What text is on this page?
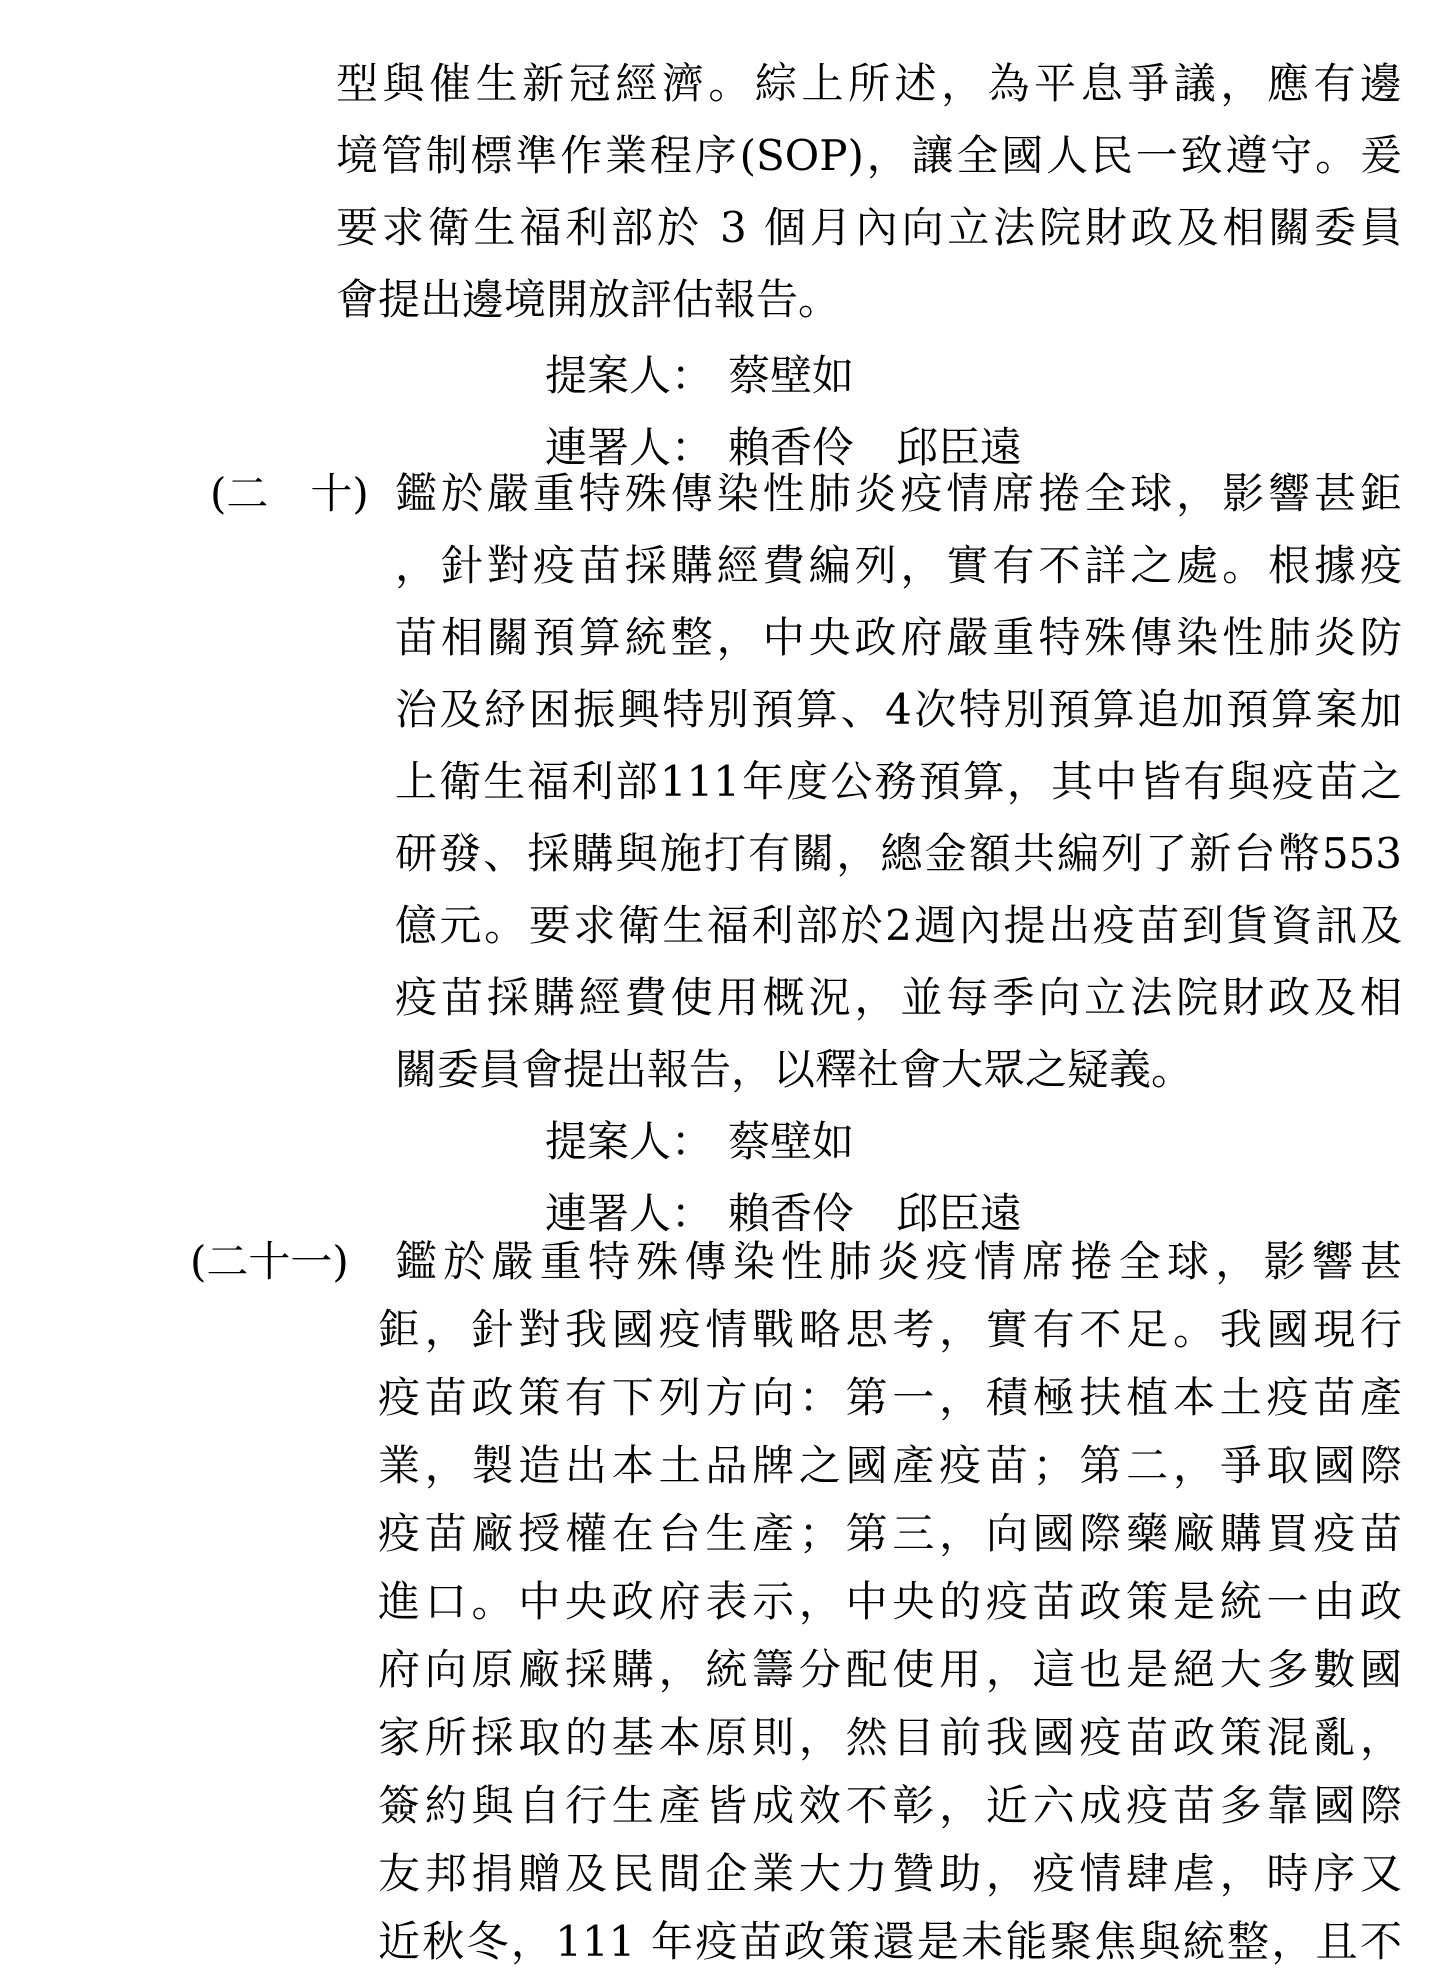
型與催生新冠經濟。綜上所述，為平息爭議，應有邊
境管制標準作業程序(SOP)，讓全國人民一致遵守。爰
要求衛生福利部於 3 個月內向立法院財政及相關委員
會提出邊境開放評估報告。
提案人： 蔡壁如
連署人： 賴香伶　邱臣遠
(二　十) 鑑於嚴重特殊傳染性肺炎疫情席捲全球，影響甚鉅
，針對疫苗採購經費編列，實有不詳之處。根據疫
苗相關預算統整，中央政府嚴重特殊傳染性肺炎防
治及紓困振興特別預算、4次特別預算追加預算案加
上衛生福利部111年度公務預算，其中皆有與疫苗之
研發、採購與施打有關，總金額共編列了新台幣553
億元。要求衛生福利部於2週內提出疫苗到貨資訊及
疫苗採購經費使用概況，並每季向立法院財政及相
關委員會提出報告，以釋社會大眾之疑義。
提案人： 蔡壁如
連署人： 賴香伶　邱臣遠
(二十一) 鑑於嚴重特殊傳染性肺炎疫情席捲全球，影響甚
鉅，針對我國疫情戰略思考，實有不足。我國現行
疫苗政策有下列方向：第一，積極扶植本土疫苗產
業，製造出本土品牌之國產疫苗；第二，爭取國際
疫苗廠授權在台生產；第三，向國際藥廠購買疫苗
進口。中央政府表示，中央的疫苗政策是統一由政
府向原廠採購，統籌分配使用，這也是絕大多數國
家所採取的基本原則，然目前我國疫苗政策混亂，
簽約與自行生產皆成效不彰，近六成疫苗多靠國際
友邦捐贈及民間企業大力贊助，疫情肆虐，時序又
近秋冬，111 年疫苗政策還是未能聚焦與統整，且不
